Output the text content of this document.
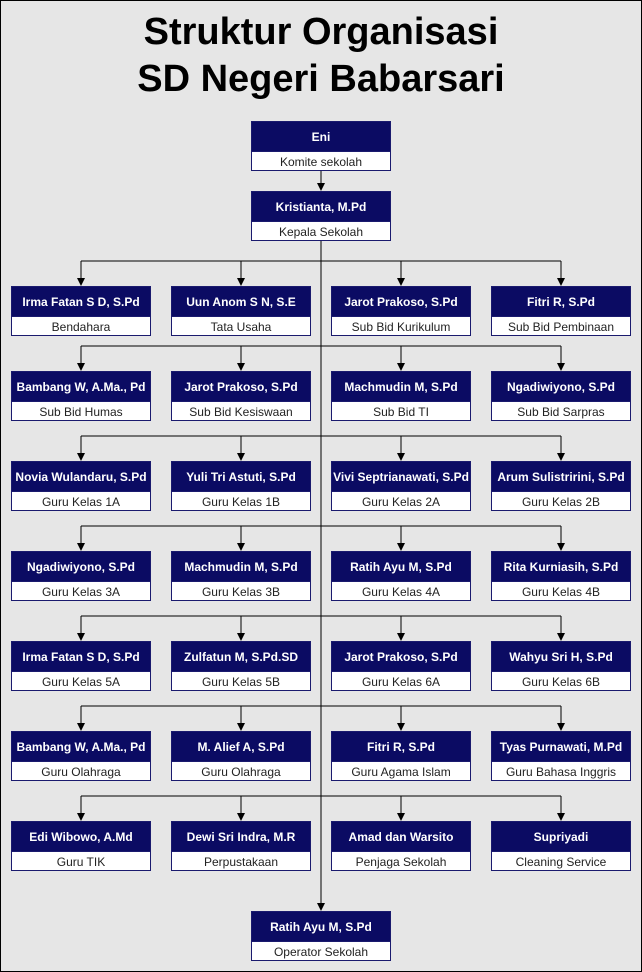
Struktur Organisasi
SD Negeri Babarsari
Eni
Komite sekolah
Kristianta, M.Pd
Kepala Sekolah
Irma Fatan S D, S.Pd
Bendahara
Uun Anom S N, S.E
Tata Usaha
Jarot Prakoso, S.Pd
Sub Bid Kurikulum
Fitri R, S.Pd
Sub Bid Pembinaan
Bambang W, A.Ma., Pd
Sub Bid Humas
Jarot Prakoso, S.Pd
Sub Bid Kesiswaan
Machmudin M, S.Pd
Sub Bid TI
Ngadiwiyono, S.Pd
Sub Bid Sarpras
Novia Wulandaru, S.Pd
Guru Kelas 1A
Yuli Tri Astuti, S.Pd
Guru Kelas 1B
Vivi Septrianawati, S.Pd
Guru Kelas 2A
Arum Sulistririni, S.Pd
Guru Kelas 2B
Ngadiwiyono, S.Pd
Guru Kelas 3A
Machmudin M, S.Pd
Guru Kelas 3B
Ratih Ayu M, S.Pd
Guru Kelas 4A
Rita Kurniasih, S.Pd
Guru Kelas 4B
Irma Fatan S D, S.Pd
Guru Kelas 5A
Zulfatun M, S.Pd.SD
Guru Kelas 5B
Jarot Prakoso, S.Pd
Guru Kelas 6A
Wahyu Sri H, S.Pd
Guru Kelas 6B
Bambang W, A.Ma., Pd
Guru Olahraga
M. Alief A, S.Pd
Guru Olahraga
Fitri R, S.Pd
Guru Agama Islam
Tyas Purnawati, M.Pd
Guru Bahasa Inggris
Edi Wibowo, A.Md
Guru TIK
Dewi Sri Indra, M.R
Perpustakaan
Amad dan Warsito
Penjaga Sekolah
Supriyadi
Cleaning Service
Ratih Ayu M, S.Pd
Operator Sekolah
